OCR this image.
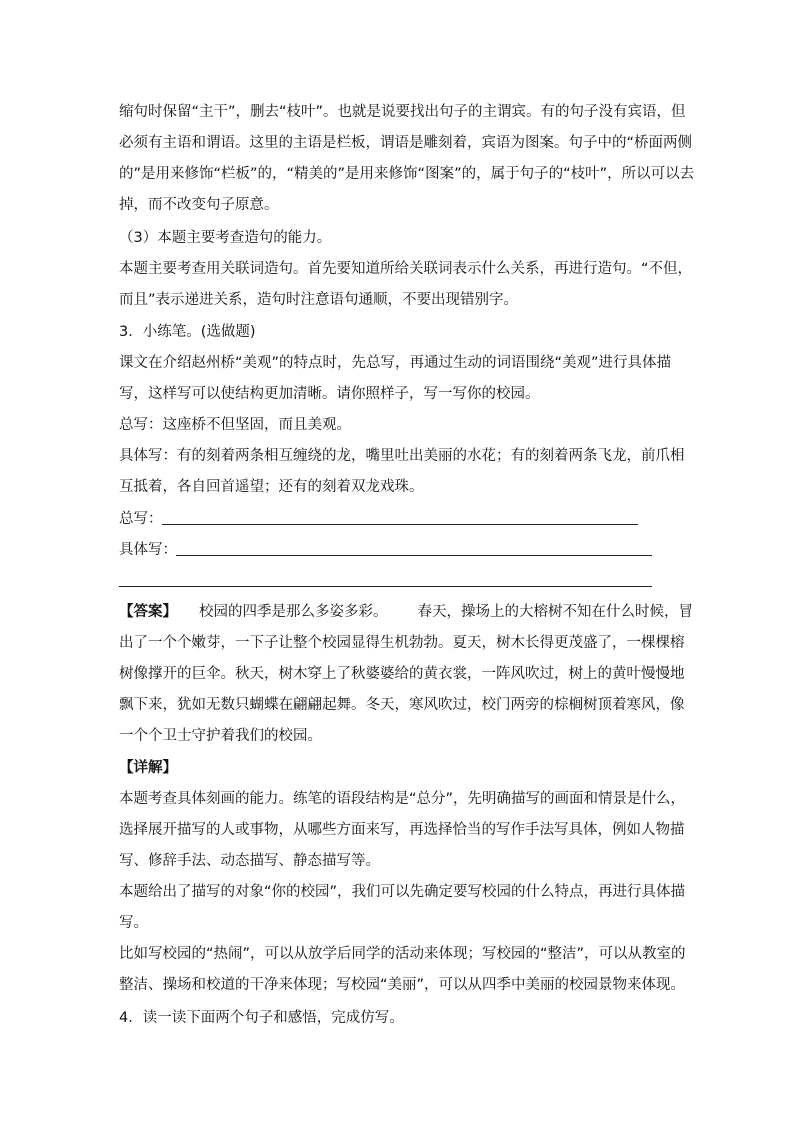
缩句时保留“主干”，删去“枝叶”。也就是说要找出句子的主谓宾。有的句子没有宾语，但
必须有主语和谓语。这里的主语是栏板，谓语是雕刻着，宾语为图案。句子中的“桥面两侧
的”是用来修饰“栏板”的，“精美的”是用来修饰“图案”的，属于句子的“枝叶”，所以可以去
掉，而不改变句子原意。
（3）本题主要考查造句的能力。
本题主要考查用关联词造句。首先要知道所给关联词表示什么关系，再进行造句。“不但，
而且”表示递进关系，造句时注意语句通顺，不要出现错别字。
3．小练笔。(选做题)
课文在介绍赵州桥“美观”的特点时，先总写，再通过生动的词语围绕“美观”进行具体描
写，这样写可以使结构更加清晰。请你照样子，写一写你的校园。
总写：这座桥不但坚固，而且美观。
具体写：有的刻着两条相互缠绕的龙，嘴里吐出美丽的水花；有的刻着两条飞龙，前爪相
互抵着，各自回首遥望；还有的刻着双龙戏珠。
总写：
具体写：
【答案】 校园的四季是那么多姿多彩。 春天，操场上的大榕树不知在什么时候，冒
出了一个个嫩芽，一下子让整个校园显得生机勃勃。夏天，树木长得更茂盛了，一棵棵榕
树像撑开的巨伞。秋天，树木穿上了秋婆婆给的黄衣裳，一阵风吹过，树上的黄叶慢慢地
飘下来，犹如无数只蝴蝶在翩翩起舞。冬天，寒风吹过，校门两旁的棕榈树顶着寒风，像
一个个卫士守护着我们的校园。
【详解】
本题考查具体刻画的能力。练笔的语段结构是“总分”，先明确描写的画面和情景是什么，
选择展开描写的人或事物，从哪些方面来写，再选择恰当的写作手法写具体，例如人物描
写、修辞手法、动态描写、静态描写等。
本题给出了描写的对象“你的校园”，我们可以先确定要写校园的什么特点，再进行具体描
写。
比如写校园的“热闹”，可以从放学后同学的活动来体现；写校园的“整洁”，可以从教室的
整洁、操场和校道的干净来体现；写校园“美丽”，可以从四季中美丽的校园景物来体现。
4．读一读下面两个句子和感悟，完成仿写。
